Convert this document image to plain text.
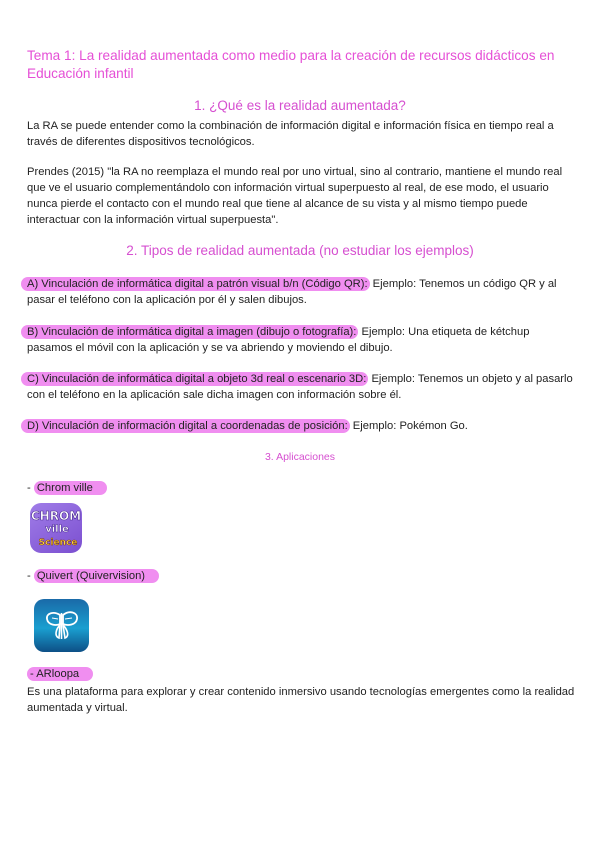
Tema 1: La realidad aumentada como medio para la creación de recursos didácticos en Educación infantil
1. ¿Qué es la realidad aumentada?
La RA se puede entender como la combinación de información digital e información física en tiempo real a través de diferentes dispositivos tecnológicos.
Prendes (2015) "la RA no reemplaza el mundo real por uno virtual, sino al contrario, mantiene el mundo real que ve el usuario complementándolo con información virtual superpuesto al real, de ese modo, el usuario nunca pierde el contacto con el mundo real que tiene al alcance de su vista y al mismo tiempo puede interactuar con la información virtual superpuesta".
2. Tipos de realidad aumentada (no estudiar los ejemplos)
A) Vinculación de informática digital a patrón visual b/n (Código QR): Ejemplo: Tenemos un código QR y al pasar el teléfono con la aplicación por él y salen dibujos.
B) Vinculación de informática digital a imagen (dibujo o fotografía): Ejemplo: Una etiqueta de kétchup pasamos el móvil con la aplicación y se va abriendo y moviendo el dibujo.
C) Vinculación de informática digital a objeto 3d real o escenario 3D: Ejemplo: Tenemos un objeto y al pasarlo con el teléfono en la aplicación sale dicha imagen con información sobre él.
D) Vinculación de información digital a coordenadas de posición: Ejemplo: Pokémon Go.
3. Aplicaciones
- Chrom ville
CHROM
ville
Science
- Quivert (Quivervision)
- ARloopa
Es una plataforma para explorar y crear contenido inmersivo usando tecnologías emergentes como la realidad aumentada y virtual.
